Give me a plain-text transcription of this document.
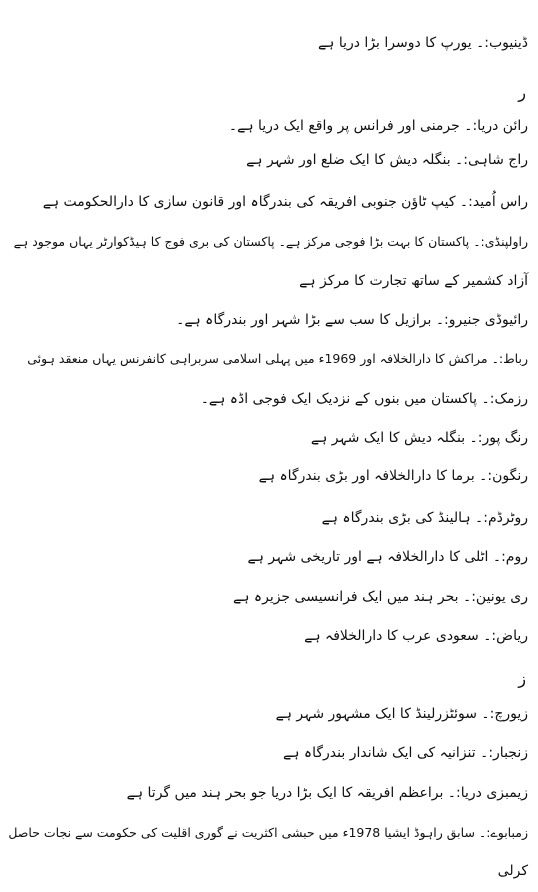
ڈینیوب:۔ یورپ کا دوسرا بڑا دریا ہے
ر
رائن دریا:۔ جرمنی اور فرانس پر واقع ایک دریا ہے۔
راج شاہی:۔ بنگلہ دیش کا ایک ضلع اور شہر ہے
راس اُمید:۔ کیپ ٹاؤن جنوبی افریقہ کی بندرگاہ اور قانون سازی کا دارالحکومت ہے
راولپنڈی:۔ پاکستان کا بہت بڑا فوجی مرکز ہے۔ پاکستان کی بری فوج کا ہیڈکوارٹر یہاں موجود ہے
آزاد کشمیر کے ساتھ تجارت کا مرکز ہے
رائیوڈی جنیرو:۔ برازیل کا سب سے بڑا شہر اور بندرگاہ ہے۔
رباط:۔ مراکش کا دارالخلافہ اور 1969ء میں پہلی اسلامی سربراہی کانفرنس یہاں منعقد ہوئی
رزمک:۔ پاکستان میں بنوں کے نزدیک ایک فوجی اڈہ ہے۔
رنگ پور:۔ بنگلہ دیش کا ایک شہر ہے
رنگون:۔ برما کا دارالخلافہ اور بڑی بندرگاہ ہے
روٹرڈم:۔ ہالینڈ کی بڑی بندرگاہ ہے
روم:۔ اٹلی کا دارالخلافہ ہے اور تاریخی شہر ہے
ری یونین:۔ بحر ہند میں ایک فرانسیسی جزیرہ ہے
ریاض:۔ سعودی عرب کا دارالخلافہ ہے
ز
زیورچ:۔ سوئٹزرلینڈ کا ایک مشہور شہر ہے
زنجبار:۔ تنزانیہ کی ایک شاندار بندرگاہ ہے
زیمبزی دریا:۔ براعظم افریقہ کا ایک بڑا دریا جو بحر ہند میں گرتا ہے
زمبابوے:۔ سابق راہوڈ ایشیا 1978ء میں حبشی اکثریت نے گوری اقلیت کی حکومت سے نجات حاصل
کرلی
